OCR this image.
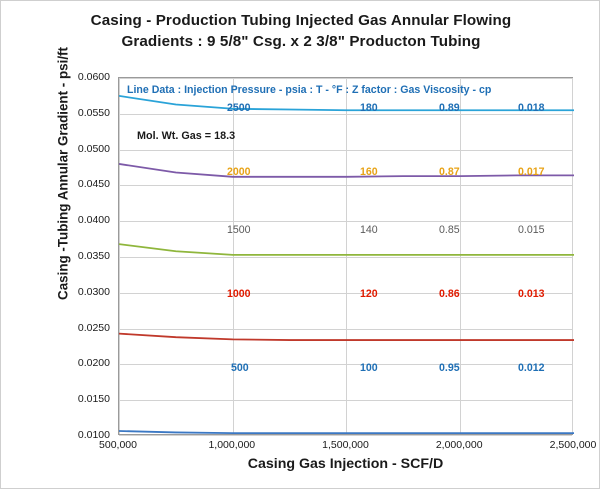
Casing - Production Tubing Injected Gas Annular Flowing
Gradients : 9 5/8" Csg. x 2 3/8" Producton Tubing
Casing -Tubing Annular Gradient - psi/ft
Casing Gas Injection - SCF/D
0.0600
0.0550
0.0500
0.0450
0.0400
0.0350
0.0300
0.0250
0.0200
0.0150
0.0100
500,000	1,000,000	1,500,000	2,000,000	2,500,000
Line Data : Injection Pressure - psia : T - °F : Z factor : Gas Viscosity - cp
Mol. Wt. Gas = 18.3
2500	180	0.89	0.018
2000	160	0.87	0.017
1500	140	0.85	0.015
1000	120	0.86	0.013
500	100	0.95	0.012
